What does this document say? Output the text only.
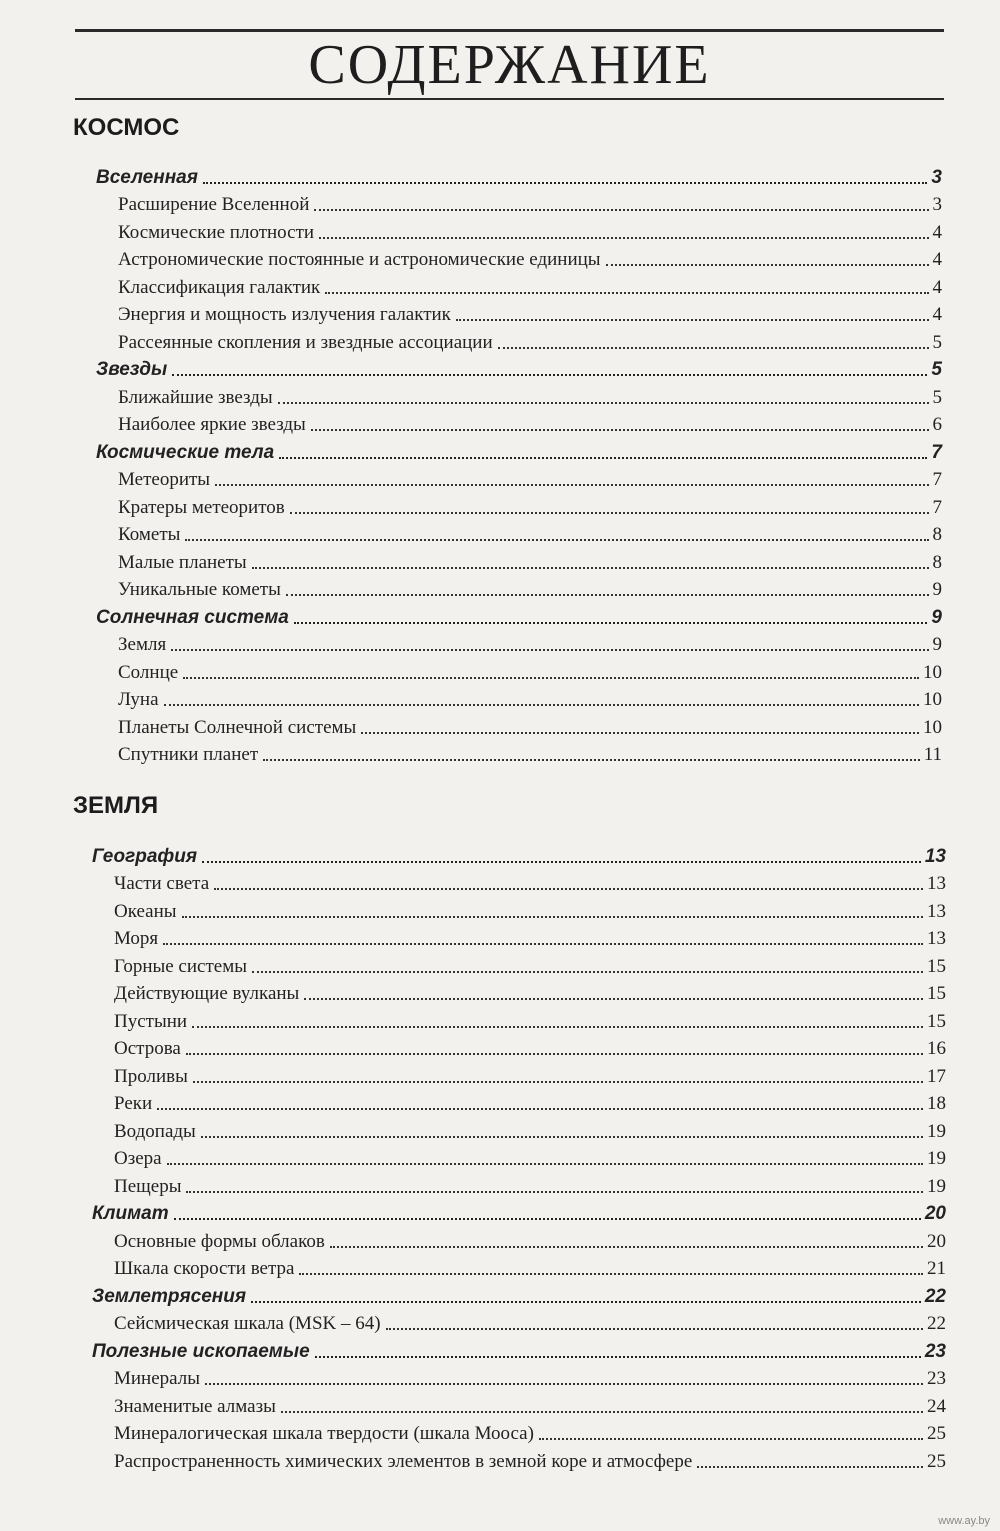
СОДЕРЖАНИЕ
КОСМОС
Вселенная	3
Расширение Вселенной	3
Космические плотности	4
Астрономические постоянные и астрономические единицы	4
Классификация галактик	4
Энергия и мощность излучения галактик	4
Рассеянные скопления и звездные ассоциации	5
Звезды	5
Ближайшие звезды	5
Наиболее яркие звезды	6
Космические тела	7
Метеориты	7
Кратеры метеоритов	7
Кометы	8
Малые планеты	8
Уникальные кометы	9
Солнечная система	9
Земля	9
Солнце	10
Луна	10
Планеты Солнечной системы	10
Спутники планет	11
ЗЕМЛЯ
География	13
Части света	13
Океаны	13
Моря	13
Горные системы	15
Действующие вулканы	15
Пустыни	15
Острова	16
Проливы	17
Реки	18
Водопады	19
Озера	19
Пещеры	19
Климат	20
Основные формы облаков	20
Шкала скорости ветра	21
Землетрясения	22
Сейсмическая шкала (MSK – 64)	22
Полезные ископаемые	23
Минералы	23
Знаменитые алмазы	24
Минералогическая шкала твердости (шкала Мооса)	25
Распространенность химических элементов в земной коре и атмосфере	25
www.ay.by
